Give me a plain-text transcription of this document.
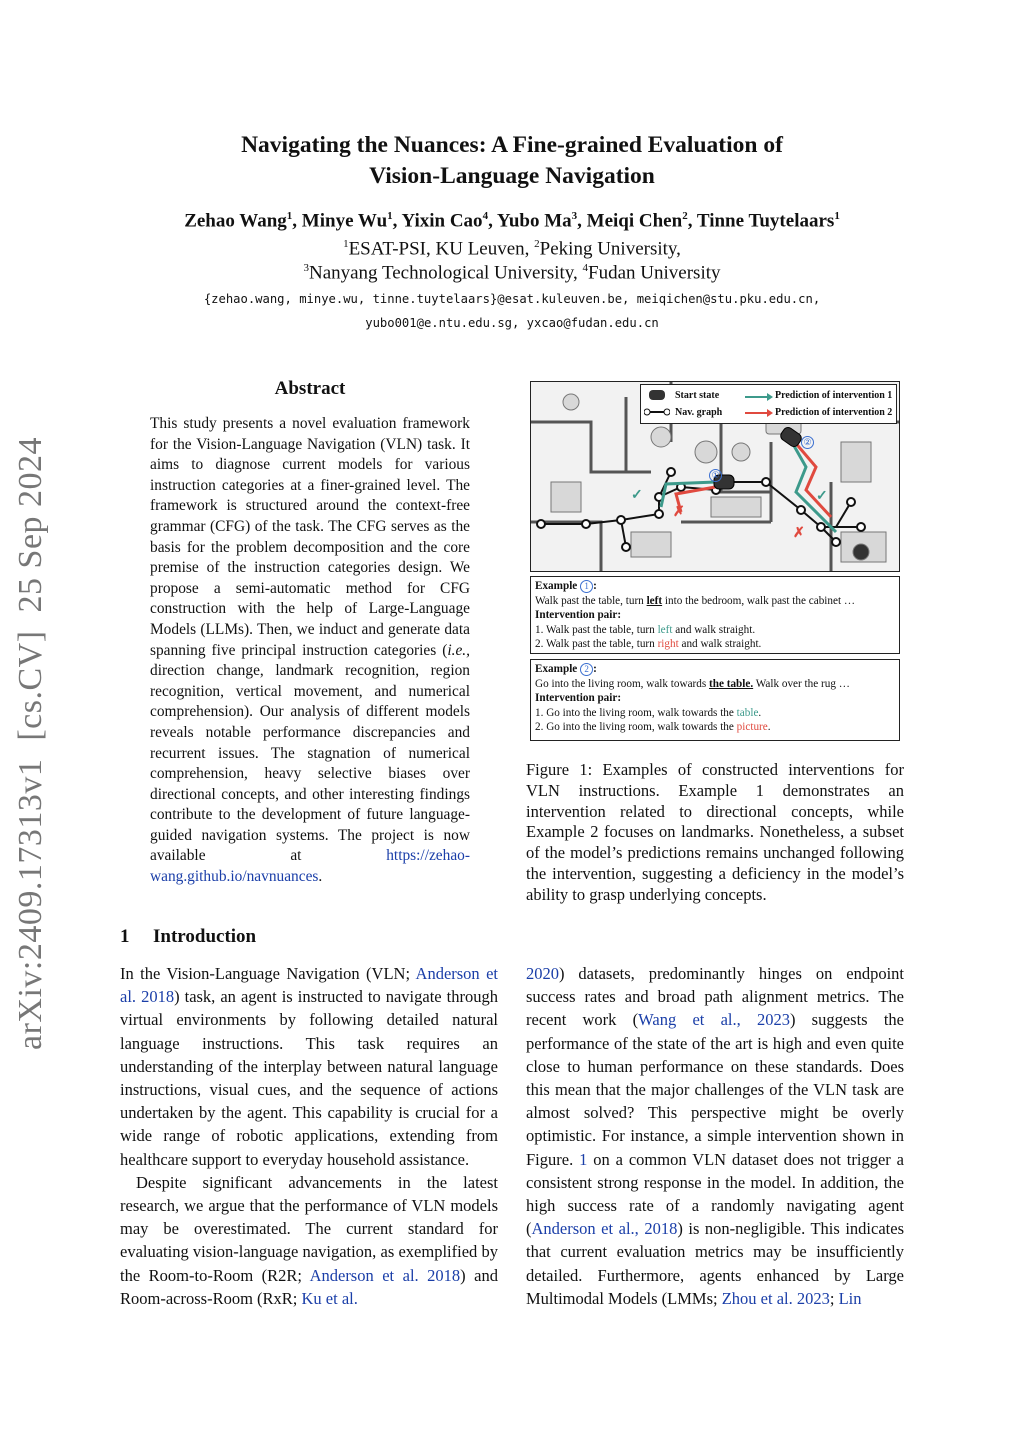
arXiv:2409.17313v1  [cs.CV]  25 Sep 2024
Navigating the Nuances: A Fine-grained Evaluation of
Vision-Language Navigation
Zehao Wang$^1$, Minye Wu$^1$, Yixin Cao$^4$, Yubo Ma$^3$, Meiqi Chen$^2$, Tinne Tuytelaars$^1$
$^1$ESAT-PSI, KU Leuven, $^2$Peking University,
$^3$Nanyang Technological University, $^4$Fudan University
{zehao.wang, minye.wu, tinne.tuytelaars}@esat.kuleuven.be, meiqichen@stu.pku.edu.cn,
yubo001@e.ntu.edu.sg, yxcao@fudan.edu.cn
Abstract
This study presents a novel evaluation framework for the Vision-Language Navigation (VLN) task. It aims to diagnose current models for various instruction categories at a finer-grained level. The framework is structured around the context-free grammar (CFG) of the task. The CFG serves as the basis for the problem decomposition and the core premise of the instruction categories design. We propose a semi-automatic method for CFG construction with the help of Large-Language Models (LLMs). Then, we induct and generate data spanning five principal instruction categories (i.e., direction change, landmark recognition, region recognition, vertical movement, and numerical comprehension). Our analysis of different models reveals notable performance discrepancies and recurrent issues. The stagnation of numerical comprehension, heavy selective biases over directional concepts, and other interesting findings contribute to the development of future language-guided navigation systems. The project is now available at https://zehao-wang.github.io/navnuances.
1 Introduction

In the Vision-Language Navigation (VLN; Anderson et al. 2018) task, an agent is instructed to navigate through virtual environments by following detailed natural language instructions. This task requires an understanding of the interplay between natural language instructions, visual cues, and the sequence of actions undertaken by the agent. This capability is crucial for a wide range of robotic applications, extending from healthcare support to everyday household assistance.

Despite significant advancements in the latest research, we argue that the performance of VLN models may be overestimated. The current standard for evaluating vision-language navigation, as exemplified by the Room-to-Room (R2R; Anderson et al. 2018) and Room-across-Room (RxR; Ku et al.

2020) datasets, predominantly hinges on endpoint success rates and broad path alignment metrics. The recent work (Wang et al., 2023) suggests the performance of the state of the art is high and even quite close to human performance on these standards. Does this mean that the major challenges of the VLN task are almost solved? This perspective might be overly optimistic. For instance, a simple intervention shown in Figure. 1 on a common VLN dataset does not trigger a consistent strong response in the model. In addition, the high success rate of a randomly navigating agent (Anderson et al., 2018) is non-negligible. This indicates that current evaluation metrics may be insufficiently detailed. Furthermore, agents enhanced by Large Multimodal Models (LMMs; Zhou et al. 2023; Lin

✓
✗
✓
✗
①
②
Start state
Nav. graph
Prediction of intervention 1
Prediction of intervention 2
Example 1 :
Walk past the table, turn left into the bedroom, walk past the cabinet …
Intervention pair:
1. Walk past the table, turn left and walk straight.
2. Walk past the table, turn right and walk straight.
Example 2 :
Go into the living room, walk towards the table. Walk over the rug …
Intervention pair:
1. Go into the living room, walk towards the table.
2. Go into the living room, walk towards the picture.
Figure 1: Examples of constructed interventions for VLN instructions. Example 1 demonstrates an intervention related to directional concepts, while Example 2 focuses on landmarks. Nonetheless, a subset of the model’s predictions remains unchanged following the intervention, suggesting a deficiency in the model’s ability to grasp underlying concepts.
